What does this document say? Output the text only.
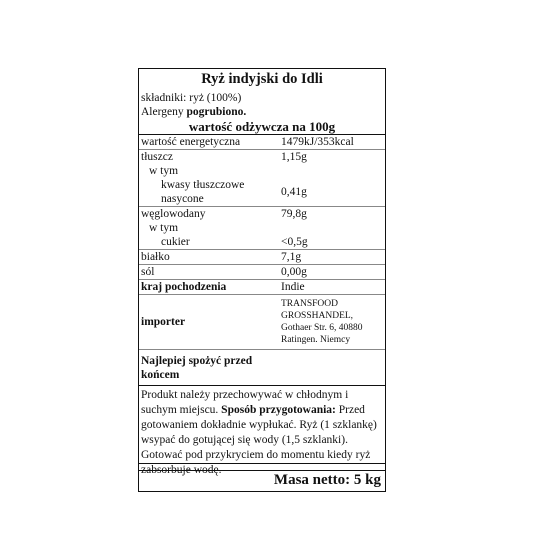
Ryż indyjski do Idli
składniki: ryż (100%)
Alergeny pogrubiono.
wartość odżywcza na 100g
wartość energetyczna	1479kJ/353kcal
tłuszcz	1,15g
w tym	
kwasy tłuszczowe nasycone	0,41g
węglowodany	79,8g
w tym	
cukier	<0,5g
białko	7,1g
sól	0,00g
kraj pochodzenia	Indie
importer	TRANSFOOD GROSSHANDEL, Gothaer Str. 6, 40880 Ratingen. Niemcy
Najlepiej spożyć przed końcem
Produkt należy przechowywać w chłodnym i suchym miejscu. Sposób przygotowania: Przed gotowaniem dokładnie wypłukać. Ryż (1 szklankę) wsypać do gotującej się wody (1,5 szklanki). Gotować pod przykryciem do momentu kiedy ryż zabsorbuje wodę.
Masa netto: 5 kg
